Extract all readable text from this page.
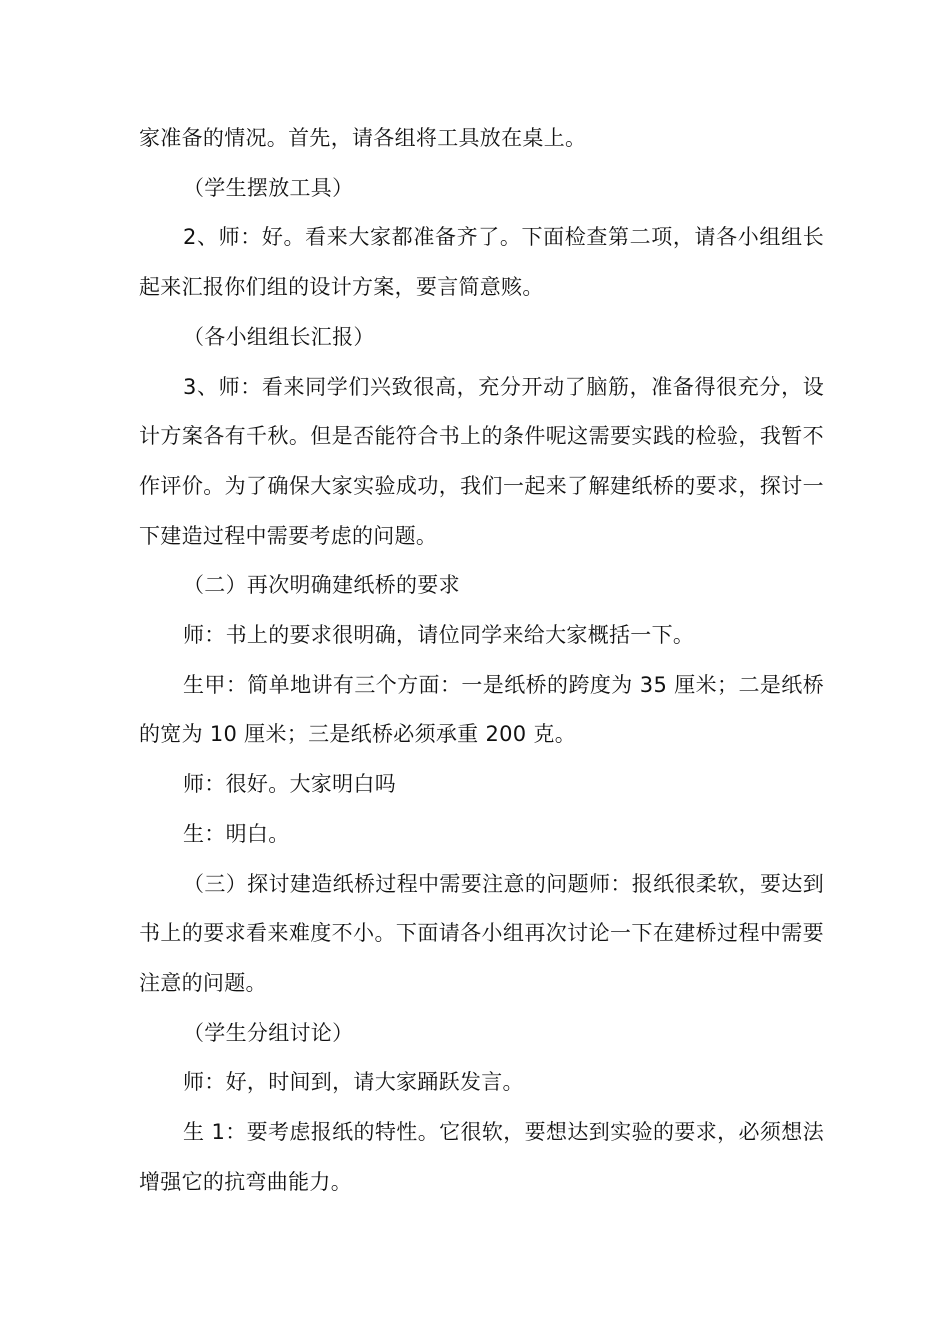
家准备的情况。首先，请各组将工具放在桌上。

（学生摆放工具）

2、师：好。看来大家都准备齐了。下面检查第二项，请各小组组长起来汇报你们组的设计方案，要言简意赅。

（各小组组长汇报）

3、师：看来同学们兴致很高，充分开动了脑筋，准备得很充分，设计方案各有千秋。但是否能符合书上的条件呢这需要实践的检验，我暂不作评价。为了确保大家实验成功，我们一起来了解建纸桥的要求，探讨一下建造过程中需要考虑的问题。

（二）再次明确建纸桥的要求

师：书上的要求很明确，请位同学来给大家概括一下。

生甲：简单地讲有三个方面：一是纸桥的跨度为 35 厘米；二是纸桥的宽为 10 厘米；三是纸桥必须承重 200 克。

师：很好。大家明白吗

生：明白。

（三）探讨建造纸桥过程中需要注意的问题师：报纸很柔软，要达到书上的要求看来难度不小。下面请各小组再次讨论一下在建桥过程中需要注意的问题。

（学生分组讨论）

师：好，时间到，请大家踊跃发言。

生 1：要考虑报纸的特性。它很软，要想达到实验的要求，必须想法增强它的抗弯曲能力。
